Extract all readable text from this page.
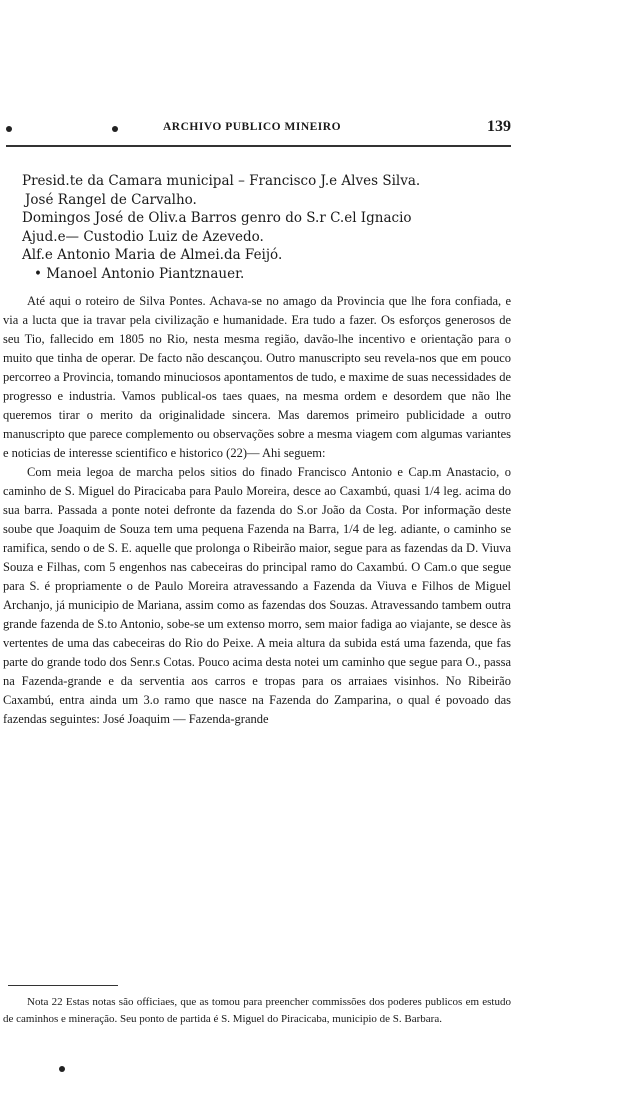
ARCHIVO PUBLICO MINEIRO	139
Presid.te da Camara municipal – Francisco J.e Alves Silva.
José Rangel de Carvalho.
Domingos José de Oliv.a Barros genro do S.r C.el Ignacio
Ajud.e— Custodio Luiz de Azevedo.
Alf.e Antonio Maria de Almei.da Feijó.
• Manoel Antonio Piantznauer.

Até aqui o roteiro de Silva Pontes. Achava-se no amago da Provincia que lhe fora confiada, e via a lucta que ia travar pela civilização e humanidade. Era tudo a fazer. Os esforços generosos de seu Tio, fallecido em 1805 no Rio, nesta mesma região, davão-lhe incentivo e orientação para o muito que tinha de operar. De facto não descançou. Outro manuscripto seu revela-nos que em pouco percorreo a Provincia, tomando minuciosos apontamentos de tudo, e maxime de suas necessidades de progresso e industria. Vamos publical-os taes quaes, na mesma ordem e desordem que não lhe queremos tirar o merito da originalidade sincera. Mas daremos primeiro publicidade a outro manuscripto que parece complemento ou observações sobre a mesma viagem com algumas variantes e noticias de interesse scientifico e historico (22)— Ahi seguem:

Com meia legoa de marcha pelos sitios do finado Francisco Antonio e Cap.m Anastacio, o caminho de S. Miguel do Piracicaba para Paulo Moreira, desce ao Caxambú, quasi 1/4 leg. acima do sua barra. Passada a ponte notei defronte da fazenda do S.or João da Costa. Por informação deste soube que Joaquim de Souza tem uma pequena Fazenda na Barra, 1/4 de leg. adiante, o caminho se ramifica, sendo o de S. E. aquelle que prolonga o Ribeirão maior, segue para as fazendas da D. Viuva Souza e Filhas, com 5 engenhos nas cabeceiras do principal ramo do Caxambú. O Cam.o que segue para S. é propriamente o de Paulo Moreira atravessando a Fazenda da Viuva e Filhos de Miguel Archanjo, já municipio de Mariana, assim como as fazendas dos Souzas. Atravessando tambem outra grande fazenda de S.to Antonio, sobe-se um extenso morro, sem maior fadiga ao viajante, se desce às vertentes de uma das cabeceiras do Rio do Peixe. A meia altura da subida está uma fazenda, que fas parte do grande todo dos Senr.s Cotas. Pouco acima desta notei um caminho que segue para O., passa na Fazenda-grande e da serventia aos carros e tropas para os arraiaes visinhos. No Ribeirão Caxambú, entra ainda um 3.o ramo que nasce na Fazenda do Zamparina, o qual é povoado das fazendas seguintes: José Joaquim — Fazenda-grande

Nota 22 Estas notas são officiaes, que as tomou para preencher commissões dos poderes publicos em estudo de caminhos e mineração. Seu ponto de partida é S. Miguel do Piracicaba, municipio de S. Barbara.
